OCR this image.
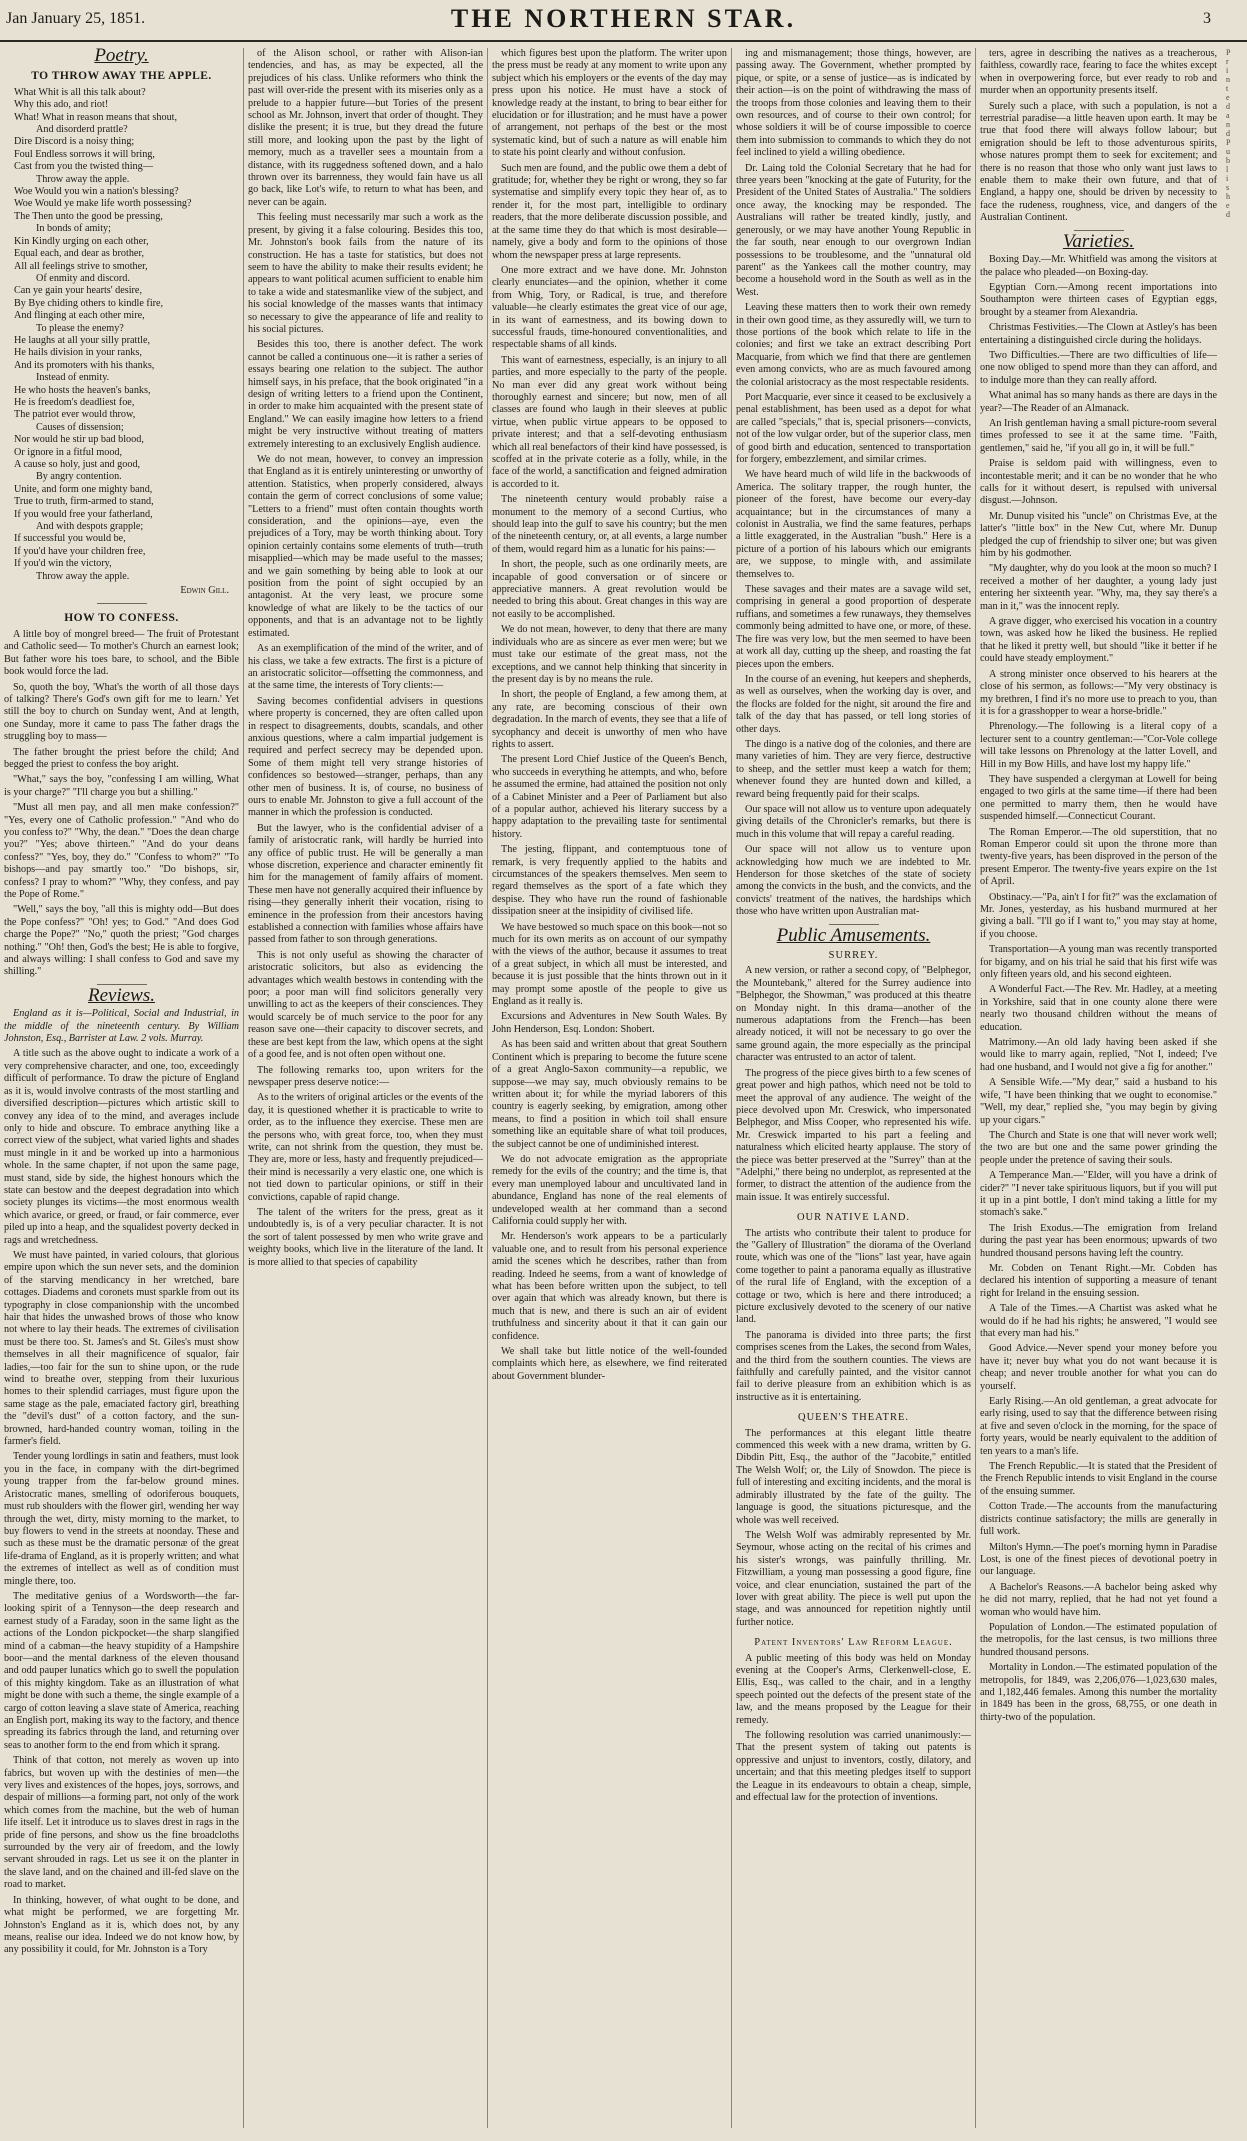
Jan January 25, 1851.	THE NORTHERN STAR.	3
Poetry.
TO THROW AWAY THE APPLE.
What Whit is all this talk about?
Why this ado, and riot!
What! What in reason means that shout,
And disorderd prattle?
Dire Discord is a noisy thing;
Foul Endless sorrows it will bring,
Cast from you the twisted thing—
Throw away the apple.
Woe Would you win a nation's blessing?
Woe Would ye make life worth possessing?
The Then unto the good be pressing,
In bonds of amity;
Kin Kindly urging on each other,
Equal each, and dear as brother,
All all feelings strive to smother,
Of enmity and discord.
Can ye gain your hearts' desire,
By Bye chiding others to kindle fire,
And flinging at each other mire,
To please the enemy?
He laughs at all your silly prattle,
He hails division in your ranks,
And its promoters with his thanks,
Instead of enmity.
He who hosts the heaven's banks,
He is freedom's deadliest foe,
The patriot ever would throw,
Causes of dissension;
Nor would he stir up bad blood,
Or ignore in a fitful mood,
A cause so holy, just and good,
By angry contention.
Unite, and form one mighty band,
True to truth, firm-armed to stand,
If you would free your fatherland,
And with despots grapple;
If successful you would be,
If you'd have your children free,
If you'd win the victory,
Throw away the apple.
Edwin Gill.
HOW TO CONFESS.

A little boy of mongrel breed— The fruit of Protestant and Catholic seed— To mother's Church an earnest look; But father wore his toes bare, to school, and the Bible book would force the lad.

So, quoth the boy, 'What's the worth of all those days of talking? There's God's own gift for me to learn.' Yet still the boy to church on Sunday went, And at length, one Sunday, more it came to pass The father drags the struggling boy to mass—

The father brought the priest before the child; And begged the priest to confess the boy aright.

"What," says the boy, "confessing I am willing, What is your charge?" "I'll charge you but a shilling."

"Must all men pay, and all men make confession?" "Yes, every one of Catholic profession." "And who do you confess to?" "Why, the dean." "Does the dean charge you?" "Yes; above thirteen." "And do your deans confess?" "Yes, boy, they do." "Confess to whom?" "To bishops—and pay smartly too." "Do bishops, sir, confess? I pray to whom?" "Why, they confess, and pay the Pope of Rome."

"Well," says the boy, "all this is mighty odd—But does the Pope confess?" "Oh! yes; to God." "And does God charge the Pope?" "No," quoth the priest; "God charges nothing." "Oh! then, God's the best; He is able to forgive, and always willing: I shall confess to God and save my shilling."

Reviews.

England as it is—Political, Social and Industrial, in the middle of the nineteenth century. By William Johnston, Esq., Barrister at Law. 2 vols. Murray.

A title such as the above ought to indicate a work of a very comprehensive character, and one, too, exceedingly difficult of performance. To draw the picture of England as it is, would involve contrasts of the most startling and diversified description—pictures which artistic skill to convey any idea of to the mind, and averages include only to hide and obscure. To embrace anything like a correct view of the subject, what varied lights and shades must mingle in it and be worked up into a harmonious whole. In the same chapter, if not upon the same page, must stand, side by side, the highest honours which the state can bestow and the deepest degradation into which society plunges its victims—the most enormous wealth which avarice, or greed, or fraud, or fair commerce, ever piled up into a heap, and the squalidest poverty decked in rags and wretchedness.

We must have painted, in varied colours, that glorious empire upon which the sun never sets, and the dominion of the starving mendicancy in her wretched, bare cottages. Diadems and coronets must sparkle from out its typography in close companionship with the uncombed hair that hides the unwashed brows of those who know not where to lay their heads. The extremes of civilisation must be there too. St. James's and St. Giles's must show themselves in all their magnificence of squalor, fair ladies,—too fair for the sun to shine upon, or the rude wind to breathe over, stepping from their luxurious homes to their splendid carriages, must figure upon the same stage as the pale, emaciated factory girl, breathing the "devil's dust" of a cotton factory, and the sun-browned, hard-handed country woman, toiling in the farmer's field.

Tender young lordlings in satin and feathers, must look you in the face, in company with the dirt-begrimed young trapper from the far-below ground mines. Aristocratic manes, smelling of odoriferous bouquets, must rub shoulders with the flower girl, wending her way through the wet, dirty, misty morning to the market, to buy flowers to vend in the streets at noonday. These and such as these must be the dramatic personæ of the great life-drama of England, as it is properly written; and what the extremes of intellect as well as of condition must mingle there, too.

The meditative genius of a Wordsworth—the far-looking spirit of a Tennyson—the deep research and earnest study of a Faraday, soon in the same light as the actions of the London pickpocket—the sharp slangified mind of a cabman—the heavy stupidity of a Hampshire boor—and the mental darkness of the eleven thousand and odd pauper lunatics which go to swell the population of this mighty kingdom. Take as an illustration of what might be done with such a theme, the single example of a cargo of cotton leaving a slave state of America, reaching an English port, making its way to the factory, and thence spreading its fabrics through the land, and returning over seas to another form to the end from which it sprang.

Think of that cotton, not merely as woven up into fabrics, but woven up with the destinies of men—the very lives and existences of the hopes, joys, sorrows, and despair of millions—a forming part, not only of the work which comes from the machine, but the web of human life itself. Let it introduce us to slaves drest in rags in the pride of fine persons, and show us the fine broadcloths surrounded by the very air of freedom, and the lowly servant shrouded in rags. Let us see it on the planter in the slave land, and on the chained and ill-fed slave on the road to market.

In thinking, however, of what ought to be done, and what might be performed, we are forgetting Mr. Johnston's England as it is, which does not, by any means, realise our idea. Indeed we do not know how, by any possibility it could, for Mr. Johnston is a Tory

of the Alison school, or rather with Alison-ian tendencies, and has, as may be expected, all the prejudices of his class. Unlike reformers who think the past will over-ride the present with its miseries only as a prelude to a happier future—but Tories of the present school as Mr. Johnson, invert that order of thought. They dislike the present; it is true, but they dread the future still more, and looking upon the past by the light of memory, much as a traveller sees a mountain from a distance, with its ruggedness softened down, and a halo thrown over its barrenness, they would fain have us all go back, like Lot's wife, to return to what has been, and never can be again.

This feeling must necessarily mar such a work as the present, by giving it a false colouring. Besides this too, Mr. Johnston's book fails from the nature of its construction. He has a taste for statistics, but does not seem to have the ability to make their results evident; he appears to want political acumen sufficient to enable him to take a wide and statesmanlike view of the subject, and his social knowledge of the masses wants that intimacy so necessary to give the appearance of life and reality to his social pictures.

Besides this too, there is another defect. The work cannot be called a continuous one—it is rather a series of essays bearing one relation to the subject. The author himself says, in his preface, that the book originated "in a design of writing letters to a friend upon the Continent, in order to make him acquainted with the present state of England." We can easily imagine how letters to a friend might be very instructive without treating of matters extremely interesting to an exclusively English audience.

We do not mean, however, to convey an impression that England as it is entirely uninteresting or unworthy of attention. Statistics, when properly considered, always contain the germ of correct conclusions of some value; "Letters to a friend" must often contain thoughts worth consideration, and the opinions—aye, even the prejudices of a Tory, may be worth thinking about. Tory opinion certainly contains some elements of truth—truth misapplied—which may be made useful to the masses; and we gain something by being able to look at our position from the point of sight occupied by an antagonist. At the very least, we procure some knowledge of what are likely to be the tactics of our opponents, and that is an advantage not to be lightly estimated.

As an exemplification of the mind of the writer, and of his class, we take a few extracts. The first is a picture of an aristocratic solicitor—offsetting the commonness, and at the same time, the interests of Tory clients:—

Saving becomes confidential advisers in questions where property is concerned, they are often called upon in respect to disagreements, doubts, scandals, and other anxious questions, where a calm impartial judgement is required and perfect secrecy may be depended upon. Some of them might tell very strange histories of confidences so bestowed—stranger, perhaps, than any other men of business. It is, of course, no business of ours to enable Mr. Johnston to give a full account of the manner in which the profession is conducted.

But the lawyer, who is the confidential adviser of a family of aristocratic rank, will hardly be hurried into any office of public trust. He will be generally a man whose discretion, experience and character eminently fit him for the management of family affairs of moment. These men have not generally acquired their influence by rising—they generally inherit their vocation, rising to eminence in the profession from their ancestors having established a connection with families whose affairs have passed from father to son through generations.

This is not only useful as showing the character of aristocratic solicitors, but also as evidencing the advantages which wealth bestows in contending with the poor; a poor man will find solicitors generally very unwilling to act as the keepers of their consciences. They would scarcely be of much service to the poor for any reason save one—their capacity to discover secrets, and these are best kept from the law, which opens at the sight of a good fee, and is not often open without one.

The following remarks too, upon writers for the newspaper press deserve notice:—

As to the writers of original articles or the events of the day, it is questioned whether it is practicable to write to order, as to the influence they exercise. These men are the persons who, with great force, too, when they must write, can not shrink from the question, they must be. They are, more or less, hasty and frequently prejudiced—their mind is necessarily a very elastic one, one which is not tied down to particular opinions, or stiff in their convictions, capable of rapid change.

The talent of the writers for the press, great as it undoubtedly is, is of a very peculiar character. It is not the sort of talent possessed by men who write grave and weighty books, which live in the literature of the land. It is more allied to that species of capability

which figures best upon the platform. The writer upon the press must be ready at any moment to write upon any subject which his employers or the events of the day may press upon his notice. He must have a stock of knowledge ready at the instant, to bring to bear either for elucidation or for illustration; and he must have a power of arrangement, not perhaps of the best or the most systematic kind, but of such a nature as will enable him to state his point clearly and without confusion.

Such men are found, and the public owe them a debt of gratitude; for, whether they be right or wrong, they so far systematise and simplify every topic they hear of, as to render it, for the most part, intelligible to ordinary readers, that the more deliberate discussion possible, and at the same time they do that which is most desirable—namely, give a body and form to the opinions of those whom the newspaper press at large represents.

One more extract and we have done. Mr. Johnston clearly enunciates—and the opinion, whether it come from Whig, Tory, or Radical, is true, and therefore valuable—he clearly estimates the great vice of our age, in its want of earnestness, and its bowing down to successful frauds, time-honoured conventionalities, and respectable shams of all kinds.

This want of earnestness, especially, is an injury to all parties, and more especially to the party of the people. No man ever did any great work without being thoroughly earnest and sincere; but now, men of all classes are found who laugh in their sleeves at public virtue, when public virtue appears to be opposed to private interest; and that a self-devoting enthusiasm which all real benefactors of their kind have possessed, is scoffed at in the private coterie as a folly, while, in the face of the world, a sanctification and feigned admiration is accorded to it.

The nineteenth century would probably raise a monument to the memory of a second Curtius, who should leap into the gulf to save his country; but the men of the nineteenth century, or, at all events, a large number of them, would regard him as a lunatic for his pains:—

In short, the people, such as one ordinarily meets, are incapable of good conversation or of sincere or appreciative manners. A great revolution would be needed to bring this about. Great changes in this way are not easily to be accomplished.

We do not mean, however, to deny that there are many individuals who are as sincere as ever men were; but we must take our estimate of the great mass, not the exceptions, and we cannot help thinking that sincerity in the present day is by no means the rule.

In short, the people of England, a few among them, at any rate, are becoming conscious of their own degradation. In the march of events, they see that a life of sycophancy and deceit is unworthy of men who have rights to assert.

The present Lord Chief Justice of the Queen's Bench, who succeeds in everything he attempts, and who, before he assumed the ermine, had attained the position not only of a Cabinet Minister and a Peer of Parliament but also of a popular author, achieved his literary success by a happy adaptation to the prevailing taste for sentimental history.

The jesting, flippant, and contemptuous tone of remark, is very frequently applied to the habits and circumstances of the speakers themselves. Men seem to regard themselves as the sport of a fate which they despise. They who have run the round of fashionable dissipation sneer at the insipidity of civilised life.

We have bestowed so much space on this book—not so much for its own merits as on account of our sympathy with the views of the author, because it assumes to treat of a great subject, in which all must be interested, and because it is just possible that the hints thrown out in it may prompt some apostle of the people to give us England as it really is.

Excursions and Adventures in New South Wales. By John Henderson, Esq. London: Shobert.

As has been said and written about that great Southern Continent which is preparing to become the future scene of a great Anglo-Saxon community—a republic, we suppose—we may say, much obviously remains to be written about it; for while the myriad laborers of this country is eagerly seeking, by emigration, among other means, to find a position in which toil shall ensure something like an equitable share of what toil produces, the subject cannot be one of undiminished interest.

We do not advocate emigration as the appropriate remedy for the evils of the country; and the time is, that every man unemployed labour and uncultivated land in abundance, England has none of the real elements of undeveloped wealth at her command than a second California could supply her with.

Mr. Henderson's work appears to be a particularly valuable one, and to result from his personal experience amid the scenes which he describes, rather than from reading. Indeed he seems, from a want of knowledge of what has been before written upon the subject, to tell over again that which was already known, but there is much that is new, and there is such an air of evident truthfulness and sincerity about it that it can gain our confidence.

We shall take but little notice of the well-founded complaints which here, as elsewhere, we find reiterated about Government blunder-

ing and mismanagement; those things, however, are passing away. The Government, whether prompted by pique, or spite, or a sense of justice—as is indicated by their action—is on the point of withdrawing the mass of the troops from those colonies and leaving them to their own resources, and of course to their own control; for whose soldiers it will be of course impossible to coerce them into submission to commands to which they do not feel inclined to yield a willing obedience.

Dr. Laing told the Colonial Secretary that he had for three years been "knocking at the gate of Futurity, for the President of the United States of Australia." The soldiers once away, the knocking may be responded. The Australians will rather be treated kindly, justly, and generously, or we may have another Young Republic in the far south, near enough to our overgrown Indian possessions to be troublesome, and the "unnatural old parent" as the Yankees call the mother country, may become a household word in the South as well as in the West.

Leaving these matters then to work their own remedy in their own good time, as they assuredly will, we turn to those portions of the book which relate to life in the colonies; and first we take an extract describing Port Macquarie, from which we find that there are gentlemen even among convicts, who are as much favoured among the colonial aristocracy as the most respectable residents.

Port Macquarie, ever since it ceased to be exclusively a penal establishment, has been used as a depot for what are called "specials," that is, special prisoners—convicts, not of the low vulgar order, but of the superior class, men of good birth and education, sentenced to transportation for forgery, embezzlement, and similar crimes.

We have heard much of wild life in the backwoods of America. The solitary trapper, the rough hunter, the pioneer of the forest, have become our every-day acquaintance; but in the circumstances of many a colonist in Australia, we find the same features, perhaps a little exaggerated, in the Australian "bush." Here is a picture of a portion of his labours which our emigrants are, we suppose, to mingle with, and assimilate themselves to.

These savages and their mates are a savage wild set, comprising in general a good proportion of desperate ruffians, and sometimes a few runaways, they themselves commonly being admitted to have one, or more, of these. The fire was very low, but the men seemed to have been at work all day, cutting up the sheep, and roasting the fat pieces upon the embers.

In the course of an evening, hut keepers and shepherds, as well as ourselves, when the working day is over, and the flocks are folded for the night, sit around the fire and talk of the day that has passed, or tell long stories of other days.

The dingo is a native dog of the colonies, and there are many varieties of him. They are very fierce, destructive to sheep, and the settler must keep a watch for them; whenever found they are hunted down and killed, a reward being frequently paid for their scalps.

Our space will not allow us to venture upon adequately giving details of the Chronicler's remarks, but there is much in this volume that will repay a careful reading.

Our space will not allow us to venture upon acknowledging how much we are indebted to Mr. Henderson for those sketches of the state of society among the convicts in the bush, and the convicts, and the convicts' treatment of the natives, the hardships which those who have written upon Australian mat-

Public Amusements.
SURREY.

A new version, or rather a second copy, of "Belphegor, the Mountebank," altered for the Surrey audience into "Belphegor, the Showman," was produced at this theatre on Monday night. In this drama—another of the numerous adaptations from the French—has been already noticed, it will not be necessary to go over the same ground again, the more especially as the principal character was entrusted to an actor of talent.

The progress of the piece gives birth to a few scenes of great power and high pathos, which need not be told to meet the approval of any audience. The weight of the piece devolved upon Mr. Creswick, who impersonated Belphegor, and Miss Cooper, who represented his wife. Mr. Creswick imparted to his part a feeling and naturalness which elicited hearty applause. The story of the piece was better preserved at the "Surrey" than at the "Adelphi," there being no underplot, as represented at the former, to distract the attention of the audience from the main issue. It was entirely successful.

OUR NATIVE LAND.

The artists who contribute their talent to produce for the "Gallery of Illustration" the diorama of the Overland route, which was one of the "lions" last year, have again come together to paint a panorama equally as illustrative of the rural life of England, with the exception of a cottage or two, which is here and there introduced; a picture exclusively devoted to the scenery of our native land.

The panorama is divided into three parts; the first comprises scenes from the Lakes, the second from Wales, and the third from the southern counties. The views are faithfully and carefully painted, and the visitor cannot fail to derive pleasure from an exhibition which is as instructive as it is entertaining.

QUEEN'S THEATRE.

The performances at this elegant little theatre commenced this week with a new drama, written by G. Dibdin Pitt, Esq., the author of the "Jacobite," entitled The Welsh Wolf; or, the Lily of Snowdon. The piece is full of interesting and exciting incidents, and the moral is admirably illustrated by the fate of the guilty. The language is good, the situations picturesque, and the whole was well received.

The Welsh Wolf was admirably represented by Mr. Seymour, whose acting on the recital of his crimes and his sister's wrongs, was painfully thrilling. Mr. Fitzwilliam, a young man possessing a good figure, fine voice, and clear enunciation, sustained the part of the lover with great ability. The piece is well put upon the stage, and was announced for repetition nightly until further notice.

Patent Inventors' Law Reform League.

A public meeting of this body was held on Monday evening at the Cooper's Arms, Clerkenwell-close, E. Ellis, Esq., was called to the chair, and in a lengthy speech pointed out the defects of the present state of the law, and the means proposed by the League for their remedy.

The following resolution was carried unanimously:—That the present system of taking out patents is oppressive and unjust to inventors, costly, dilatory, and uncertain; and that this meeting pledges itself to support the League in its endeavours to obtain a cheap, simple, and effectual law for the protection of inventions.

ters, agree in describing the natives as a treacherous, faithless, cowardly race, fearing to face the whites except when in overpowering force, but ever ready to rob and murder when an opportunity presents itself.

Surely such a place, with such a population, is not a terrestrial paradise—a little heaven upon earth. It may be true that food there will always follow labour; but emigration should be left to those adventurous spirits, whose natures prompt them to seek for excitement; and there is no reason that those who only want just laws to enable them to make their own future, and that of England, a happy one, should be driven by necessity to face the rudeness, roughness, vice, and dangers of the Australian Continent.

Varieties.

Boxing Day.—Mr. Whitfield was among the visitors at the palace who pleaded—on Boxing-day.

Egyptian Corn.—Among recent importations into Southampton were thirteen cases of Egyptian eggs, brought by a steamer from Alexandria.

Christmas Festivities.—The Clown at Astley's has been entertaining a distinguished circle during the holidays.

Two Difficulties.—There are two difficulties of life—one now obliged to spend more than they can afford, and to indulge more than they can really afford.

What animal has so many hands as there are days in the year?—The Reader of an Almanack.

An Irish gentleman having a small picture-room several times professed to see it at the same time. "Faith, gentlemen," said he, "if you all go in, it will be full."

Praise is seldom paid with willingness, even to incontestable merit; and it can be no wonder that he who calls for it without desert, is repulsed with universal disgust.—Johnson.

Mr. Dunup visited his "uncle" on Christmas Eve, at the latter's "little box" in the New Cut, where Mr. Dunup pledged the cup of friendship to silver one; but was given him by his godmother.

"My daughter, why do you look at the moon so much? I received a mother of her daughter, a young lady just entering her sixteenth year. "Why, ma, they say there's a man in it," was the innocent reply.

A grave digger, who exercised his vocation in a country town, was asked how he liked the business. He replied that he liked it pretty well, but should "like it better if he could have steady employment."

A strong minister once observed to his hearers at the close of his sermon, as follows:—"My very obstinacy is my brethren, I find it's no more use to preach to you, than it is for a grasshopper to wear a horse-bridle."

Phrenology.—The following is a literal copy of a lecturer sent to a country gentleman:—"Cor-Vole college will take lessons on Phrenology at the latter Lovell, and Hill in my Bow Hills, and have lost my happy life."

They have suspended a clergyman at Lowell for being engaged to two girls at the same time—if there had been one permitted to marry them, then he would have suspended himself.—Connecticut Courant.

The Roman Emperor.—The old superstition, that no Roman Emperor could sit upon the throne more than twenty-five years, has been disproved in the person of the present Emperor. The twenty-five years expire on the 1st of April.

Obstinacy.—"Pa, ain't I for fit?" was the exclamation of Mr. Jones, yesterday, as his husband murmured at her giving a ball. "I'll go if I want to," you may stay at home, if you choose.

Transportation—A young man was recently transported for bigamy, and on his trial he said that his first wife was only fifteen years old, and his second eighteen.

A Wonderful Fact.—The Rev. Mr. Hadley, at a meeting in Yorkshire, said that in one county alone there were nearly two thousand children without the means of education.

Matrimony.—An old lady having been asked if she would like to marry again, replied, "Not I, indeed; I've had one husband, and I would not give a fig for another."

A Sensible Wife.—"My dear," said a husband to his wife, "I have been thinking that we ought to economise." "Well, my dear," replied she, "you may begin by giving up your cigars."

The Church and State is one that will never work well; the two are but one and the same power grinding the people under the pretence of saving their souls.

A Temperance Man.—"Elder, will you have a drink of cider?" "I never take spirituous liquors, but if you will put it up in a pint bottle, I don't mind taking a little for my stomach's sake."

The Irish Exodus.—The emigration from Ireland during the past year has been enormous; upwards of two hundred thousand persons having left the country.

Mr. Cobden on Tenant Right.—Mr. Cobden has declared his intention of supporting a measure of tenant right for Ireland in the ensuing session.

A Tale of the Times.—A Chartist was asked what he would do if he had his rights; he answered, "I would see that every man had his."

Good Advice.—Never spend your money before you have it; never buy what you do not want because it is cheap; and never trouble another for what you can do yourself.

Early Rising.—An old gentleman, a great advocate for early rising, used to say that the difference between rising at five and seven o'clock in the morning, for the space of forty years, would be nearly equivalent to the addition of ten years to a man's life.

The French Republic.—It is stated that the President of the French Republic intends to visit England in the course of the ensuing summer.

Cotton Trade.—The accounts from the manufacturing districts continue satisfactory; the mills are generally in full work.

Milton's Hymn.—The poet's morning hymn in Paradise Lost, is one of the finest pieces of devotional poetry in our language.

A Bachelor's Reasons.—A bachelor being asked why he did not marry, replied, that he had not yet found a woman who would have him.

Population of London.—The estimated population of the metropolis, for the last census, is two millions three hundred thousand persons.

Mortality in London.—The estimated population of the metropolis, for 1849, was 2,206,076—1,023,630 males, and 1,182,446 females. Among this number the mortality in 1849 has been in the gross, 68,755, or one death in thirty-two of the population.

P
r
i
n
t
e
d
a
n
d
P
u
b
l
i
s
h
e
d
